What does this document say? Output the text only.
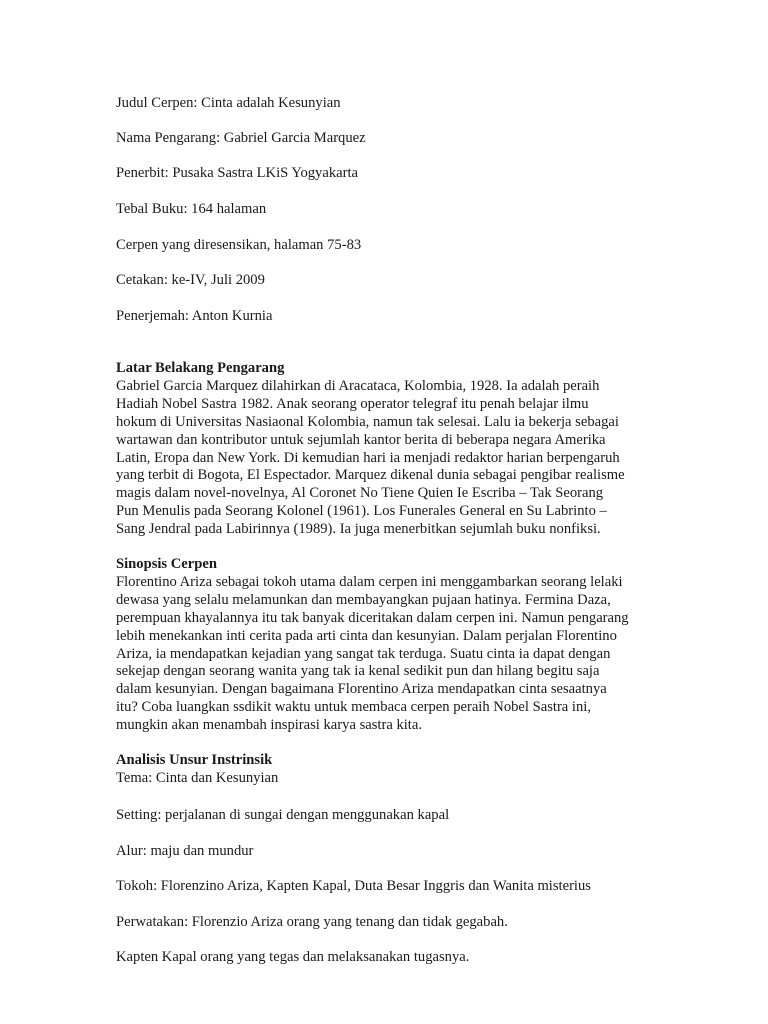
Judul Cerpen: Cinta adalah Kesunyian
Nama Pengarang: Gabriel Garcia Marquez
Penerbit: Pusaka Sastra LKiS Yogyakarta
Tebal Buku: 164 halaman
Cerpen yang diresensikan, halaman 75-83
Cetakan: ke-IV, Juli 2009
Penerjemah: Anton Kurnia
Latar Belakang Pengarang
Gabriel Garcia Marquez dilahirkan di Aracataca, Kolombia, 1928. Ia adalah peraih
Hadiah Nobel Sastra 1982. Anak seorang operator telegraf itu penah belajar ilmu
hokum di Universitas Nasiaonal Kolombia, namun tak selesai. Lalu ia bekerja sebagai
wartawan dan kontributor untuk sejumlah kantor berita di beberapa negara Amerika
Latin, Eropa dan New York. Di kemudian hari ia menjadi redaktor harian berpengaruh
yang terbit di Bogota, El Espectador. Marquez dikenal dunia sebagai pengibar realisme
magis dalam novel-novelnya, Al Coronet No Tiene Quien Ie Escriba – Tak Seorang
Pun Menulis pada Seorang Kolonel (1961). Los Funerales General en Su Labrinto –
Sang Jendral pada Labirinnya (1989). Ia juga menerbitkan sejumlah buku nonfiksi.
Sinopsis Cerpen
Florentino Ariza sebagai tokoh utama dalam cerpen ini menggambarkan seorang lelaki
dewasa yang selalu melamunkan dan membayangkan pujaan hatinya. Fermina Daza,
perempuan khayalannya itu tak banyak diceritakan dalam cerpen ini. Namun pengarang
lebih menekankan inti cerita pada arti cinta dan kesunyian. Dalam perjalan Florentino
Ariza, ia mendapatkan kejadian yang sangat tak terduga. Suatu cinta ia dapat dengan
sekejap dengan seorang wanita yang tak ia kenal sedikit pun dan hilang begitu saja
dalam kesunyian. Dengan bagaimana Florentino Ariza mendapatkan cinta sesaatnya
itu? Coba luangkan ssdikit waktu untuk membaca cerpen peraih Nobel Sastra ini,
mungkin akan menambah inspirasi karya sastra kita.
Analisis Unsur Instrinsik
Tema: Cinta dan Kesunyian
Setting: perjalanan di sungai dengan menggunakan kapal
Alur: maju dan mundur
Tokoh: Florenzino Ariza, Kapten Kapal, Duta Besar Inggris dan Wanita misterius
Perwatakan: Florenzio Ariza orang yang tenang dan tidak gegabah.
Kapten Kapal orang yang tegas dan melaksanakan tugasnya.
